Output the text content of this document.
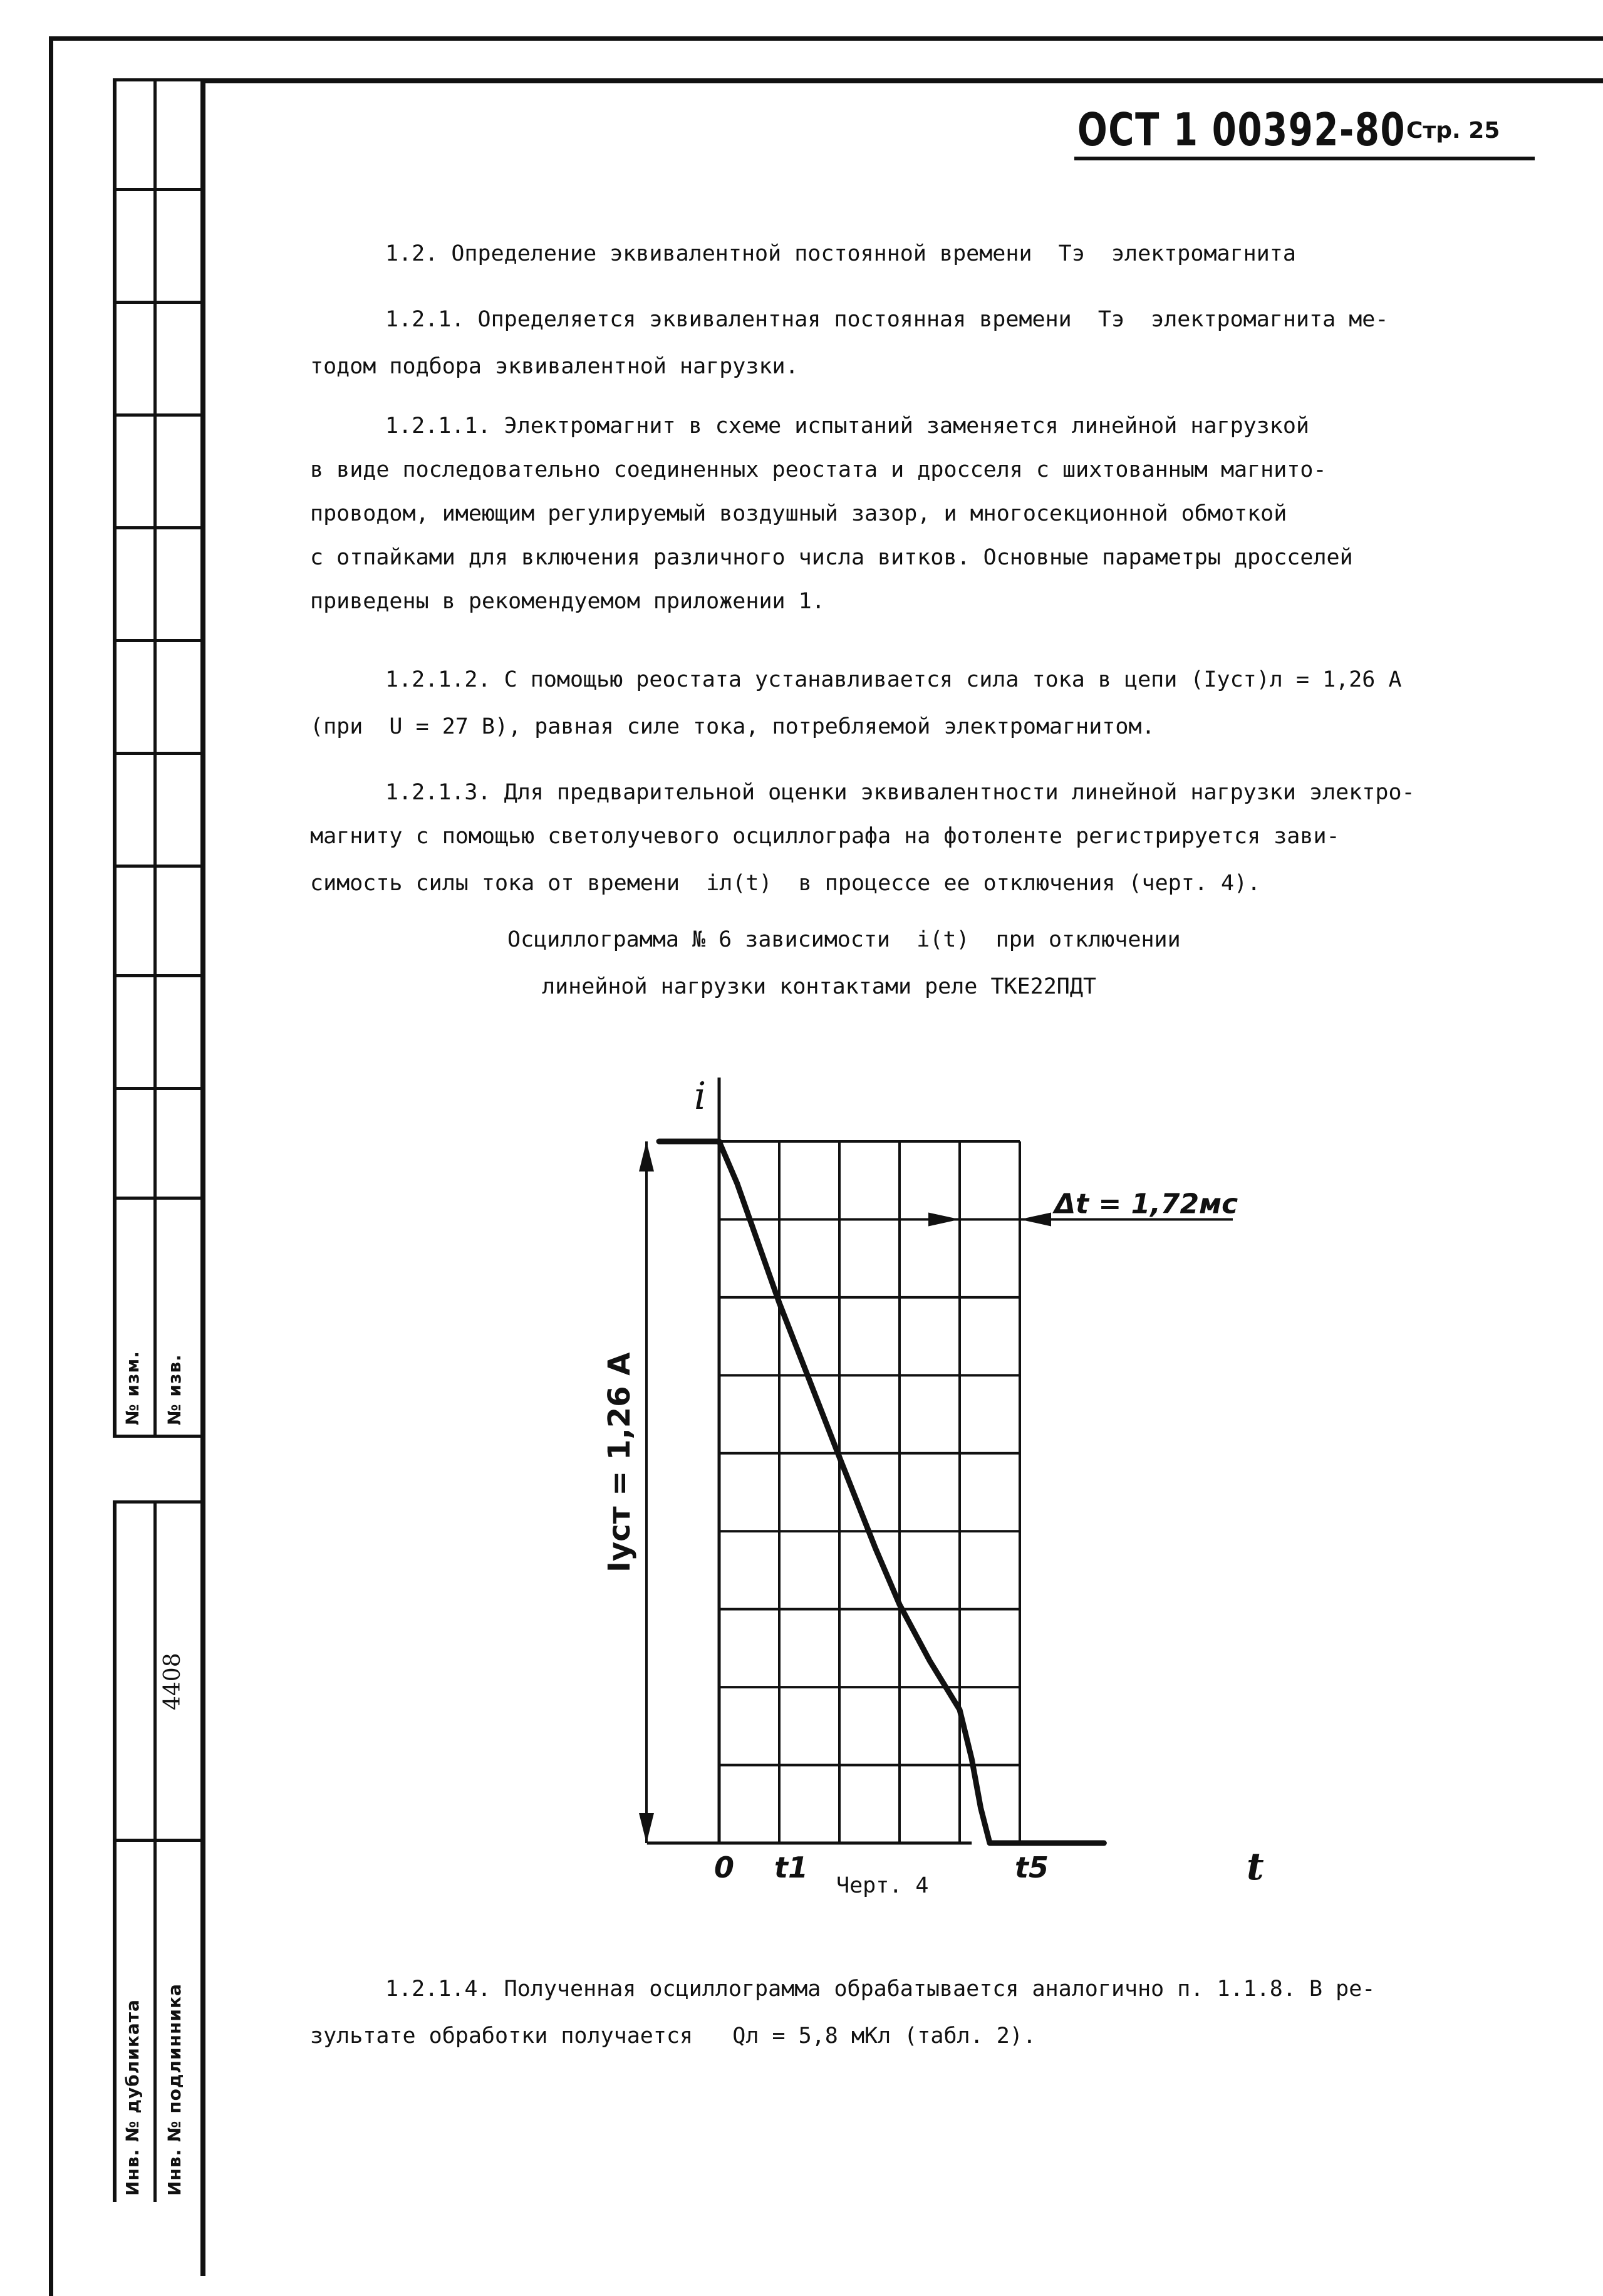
№ изм. № изв.
4408
Инв. № дубликата Инв. № подлинника
ОСТ 1 00392-80 Стр. 25
1.2. Определение эквивалентной постоянной времени  Tэ  электромагнита
1.2.1. Определяется эквивалентная постоянная времени  Tэ  электромагнита ме-
тодом подбора эквивалентной нагрузки.
1.2.1.1. Электромагнит в схеме испытаний заменяется линейной нагрузкой
в виде последовательно соединенных реостата и дросселя с шихтованным магнито-
проводом, имеющим регулируемый воздушный зазор, и многосекционной обмоткой
с отпайками для включения различного числа витков. Основные параметры дросселей
приведены в рекомендуемом приложении 1.
1.2.1.2. С помощью реостата устанавливается сила тока в цепи (Iуст)л = 1,26 А
(при  U = 27 В), равная силе тока, потребляемой электромагнитом.
1.2.1.3. Для предварительной оценки эквивалентности линейной нагрузки электро-
магниту с помощью светолучевого осциллографа на фотоленте регистрируется зави-
симость силы тока от времени  iл(t)  в процессе ее отключения (черт. 4).
Осциллограмма № 6 зависимости  i(t)  при отключении
линейной нагрузки контактами реле ТКЕ22ПДТ
Δt = 1,72мс
i
t
0 t1	t5
Iуст = 1,26 А
Черт. 4
1.2.1.4. Полученная осциллограмма обрабатывается аналогично п. 1.1.8. В ре-
зультате обработки получается   Qл = 5,8 мКл (табл. 2).
